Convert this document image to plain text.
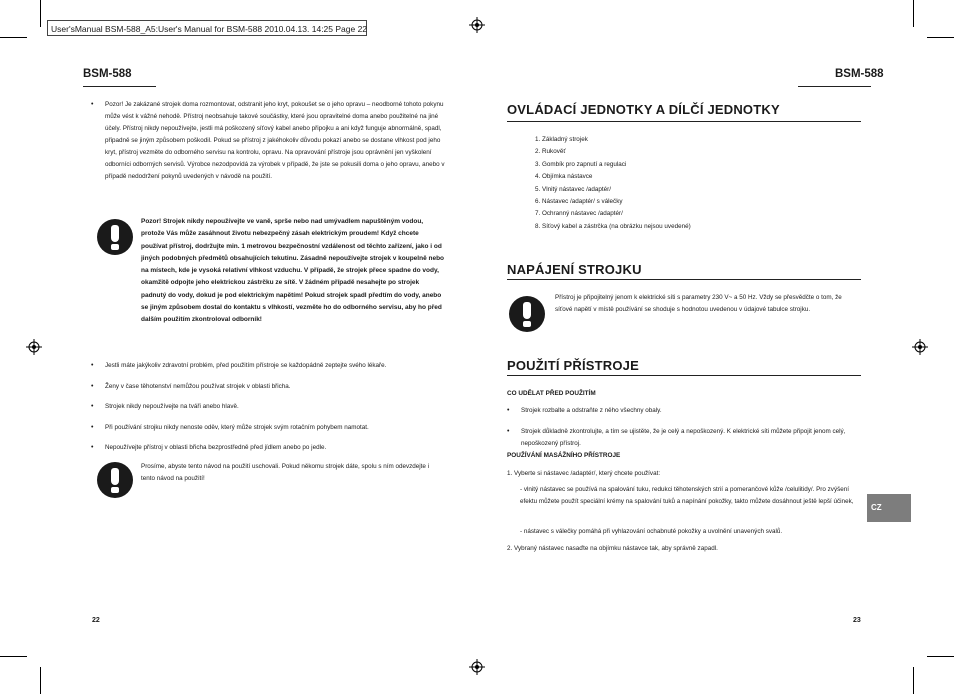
User'sManual BSM-588_A5:User's Manual for BSM-588 2010.04.13. 14:25 Page 22
BSM-588
• Pozor! Je zakázané strojek doma rozmontovat, odstranit jeho kryt, pokoušet se o jeho opravu – neodborné tohoto pokynu může vést k vážné nehodě. Přístroj neobsahuje takové součástky, které jsou opravitelné doma anebo použitelné na jiné účely. Přístroj nikdy nepoužívejte, jestli má poškozený síťový kabel anebo připojku a ani když funguje abnormálně, spadl, připadně se jiným způsobem poškodil. Pokud se přístroj z jakéhokoliv důvodu pokazí anebo se dostane vlhkost pod jeho kryt, přístroj vezměte do odborného servisu na kontrolu, opravu. Na opravování přístroje jsou oprávnění jen vyškolení odborníci odborných servisů. Výrobce nezodpovídá za výrobek v případě, že jste se pokusili doma o jeho opravu, anebo v případě nedodržení pokynů uvedených v návodě na použití.
Pozor! Strojek nikdy nepoužívejte ve vaně, sprše nebo nad umývadlem napuštěným vodou, protože Vás může zasáhnout životu nebezpečný zásah elektrickým proudem! Když chcete používat přístroj, dodržujte min. 1 metrovou bezpečnostní vzdálenost od těchto zařízení, jako i od jiných podobných předmětů obsahujících tekutinu. Zásadně nepoužívejte strojek v koupelně nebo na místech, kde je vysoká relativní vlhkost vzduchu. V případě, že strojek přece spadne do vody, okamžitě odpojte jeho elektrickou zástrčku ze sítě. V žádném případě nesahejte po strojek padnutý do vody, dokud je pod elektrickým napětím! Pokud strojek spadl předtím do vody, anebo se jiným způsobem dostal do kontaktu s vlhkostí, vezměte ho do odborného servisu, aby ho před dalším použitím zkontroloval odborník!
• Jestli máte jakýkoliv zdravotní problém, před použitím přístroje se každopádně zeptejte svého lékaře.
• Ženy v čase těhotenství nemůžou používat strojek v oblasti břicha.
• Strojek nikdy nepoužívejte na tváři anebo hlavě.
• Při používání strojku nikdy nenoste oděv, který může strojek svým rotačním pohybem namotat.
• Nepoužívejte přístroj v oblasti břicha bezprostředně před jídlem anebo po jedle.
Prosíme, abyste tento návod na použití uschovali. Pokud někomu strojek dáte, spolu s ním odevzdejte i tento návod na použití!
22
BSM-588
OVLÁDACÍ JEDNOTKY A DÍLČÍ JEDNOTKY
1. Základný strojek
2. Rukověť
3. Gombík pro zapnutí a regulaci
4. Objímka nástavce
5. Vlnitý nástavec /adaptér/
6. Nástavec /adaptér/ s válečky
7. Ochranný nástavec /adaptér/
8. Síťový kabel a zástrčka (na obrázku nejsou uvedené)
NAPÁJENÍ STROJKU
Přístroj je připojitelný jenom k elektrické síti s parametry 230 V~ a 50 Hz. Vždy se přesvědčte o tom, že síťové napětí v místě používání se shoduje s hodnotou uvedenou v údajové tabulce strojku.
POUŽITÍ PŘÍSTROJE
CO UDĚLAT PŘED POUŽITÍM
• Strojek rozbalte a odstraňte z něho všechny obaly.
• Strojek důkladně zkontrolujte, a tím se ujistěte, že je celý a nepoškozený. K elektrické síti můžete připojit jenom celý, nepoškozený přístroj.
POUŽÍVÁNÍ MASÁŽNÍHO PŘÍSTROJE
1. Vyberte si nástavec /adaptér/, který chcete používat:
- vlnitý nástavec se používá na spalování tuku, redukci těhotenských strií a pomerančové kůže /celulitidy/. Pro zvýšení efektu můžete použít speciální krémy na spalování tuků a napínání pokožky, takto můžete dosáhnout ještě lepší účinek,
- nástavec s válečky pomáhá při vyhlazování ochabnuté pokožky a uvolnění unavených svalů.
2. Vybraný nástavec nasaďte na objímku nástavce tak, aby správně zapadl.
CZ
23
